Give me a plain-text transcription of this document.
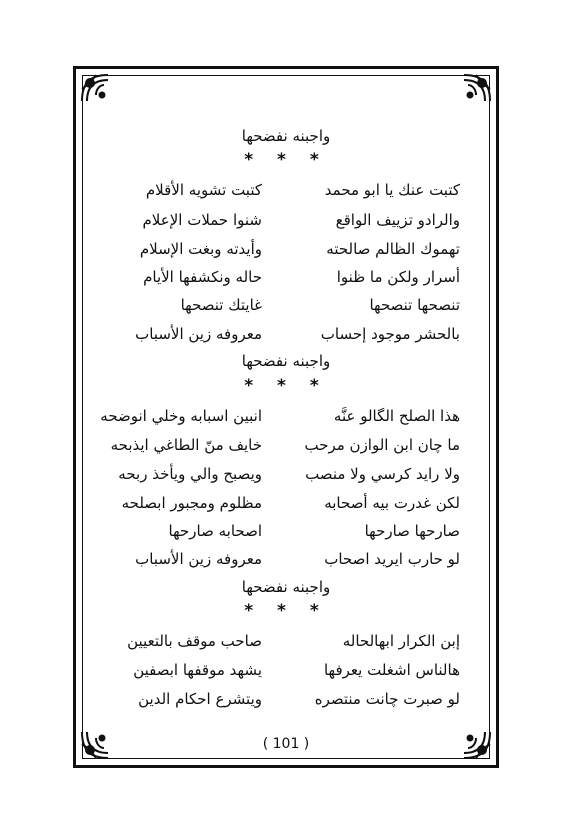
واجبنه نفضحها
* * *
كتبت عنك يا ابو محمد
كتبت تشويه الأقلام
والرادو تزييف الواقع
شنوا حملات الإعلام
تهموك الظالم صالحته
وأيدته وبغت الإسلام
أسرار ولكن ما ظنوا
حاله ونكشفها الأيام
تنصحها تنصحها
غايتك تنصحها
بالحشر موجود إحساب
معروفه زين الأسباب
واجبنه نفضحها
* * *
هذا الصلح الگالو عنَّه
انبين اسبابه وخلي انوضحه
ما چان ابن الوازن مرحب
خايف منّ الطاغي ايذبحه
ولا رايد كرسي ولا منصب
ويصبح والي ويأخذ ربحه
لكن غدرت بيه أصحابه
مظلوم ومجبور ابصلحه
صارحها صارحها
اصحابه صارحها
لو حارب ايريد اصحاب
معروفه زين الأسباب
واجبنه نفضحها
* * *
إبن الكرار ابهالحاله
صاحب موقف بالتعيين
هالناس اشغلت يعرفها
يشهد موقفها ابصفين
لو صبرت چانت منتصره
ويتشرع احكام الدين
( 101 )
